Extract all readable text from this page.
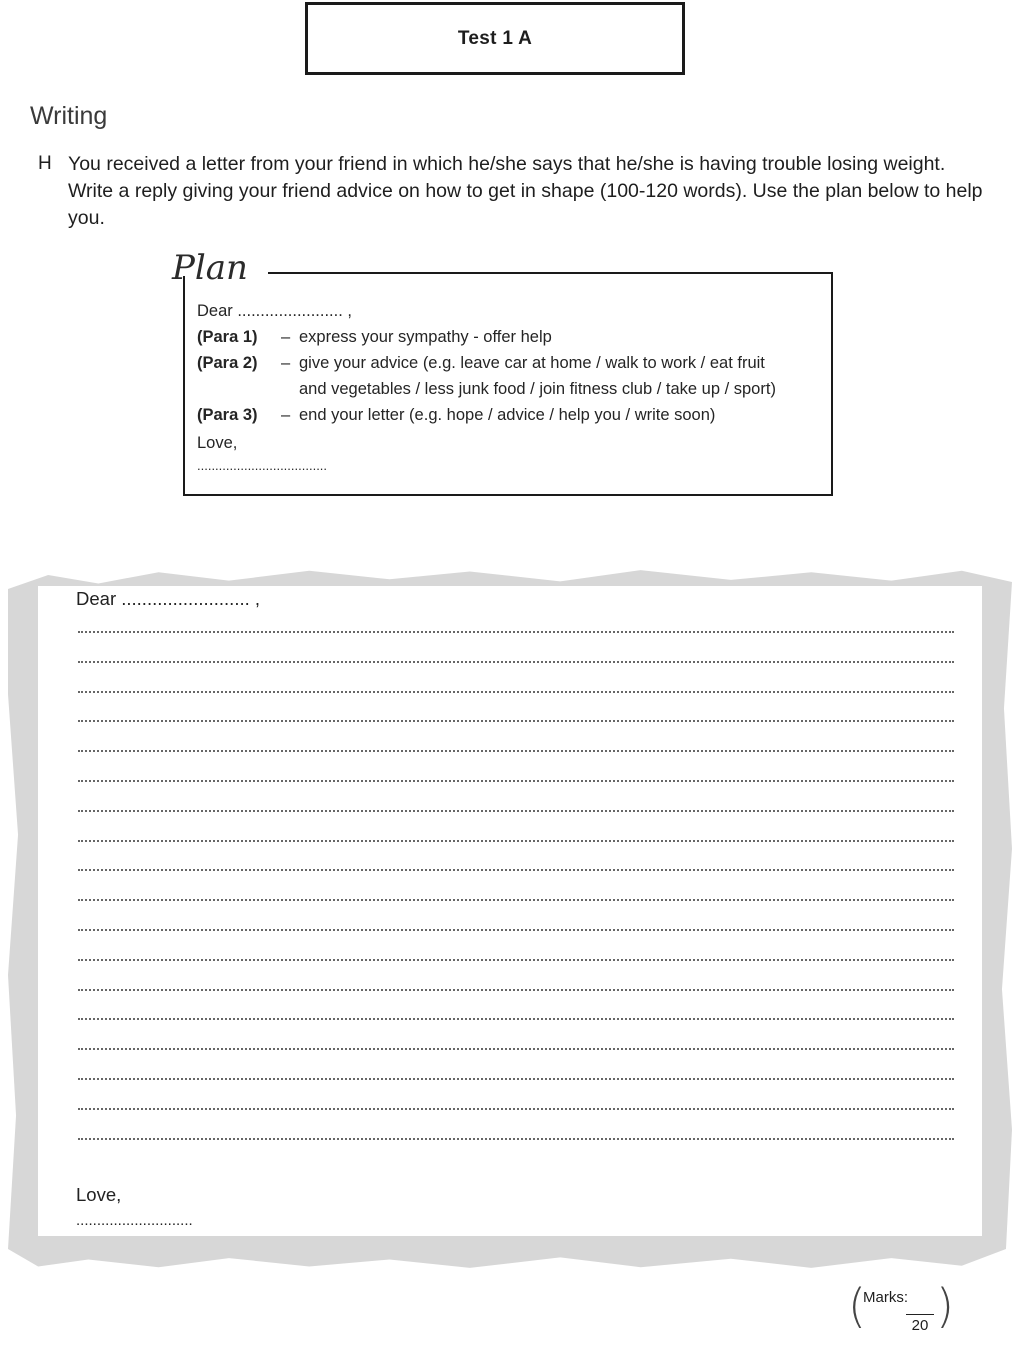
Test 1 A
Writing
H You received a letter from your friend in which he/she says that he/she is having trouble losing weight. Write a reply giving your friend advice on how to get in shape (100-120 words). Use the plan below to help you.
Dear ....................... ,
(Para 1) – express your sympathy - offer help
(Para 2) – give your advice (e.g. leave car at home / walk to work / eat fruit
and vegetables / less junk food / join fitness club / take up / sport)
(Para 3) – end your letter (e.g. hope / advice / help you / write soon)
Love,
....................................
Plan
Dear ......................... ,
Love,
............................
(
Marks:

20 )
